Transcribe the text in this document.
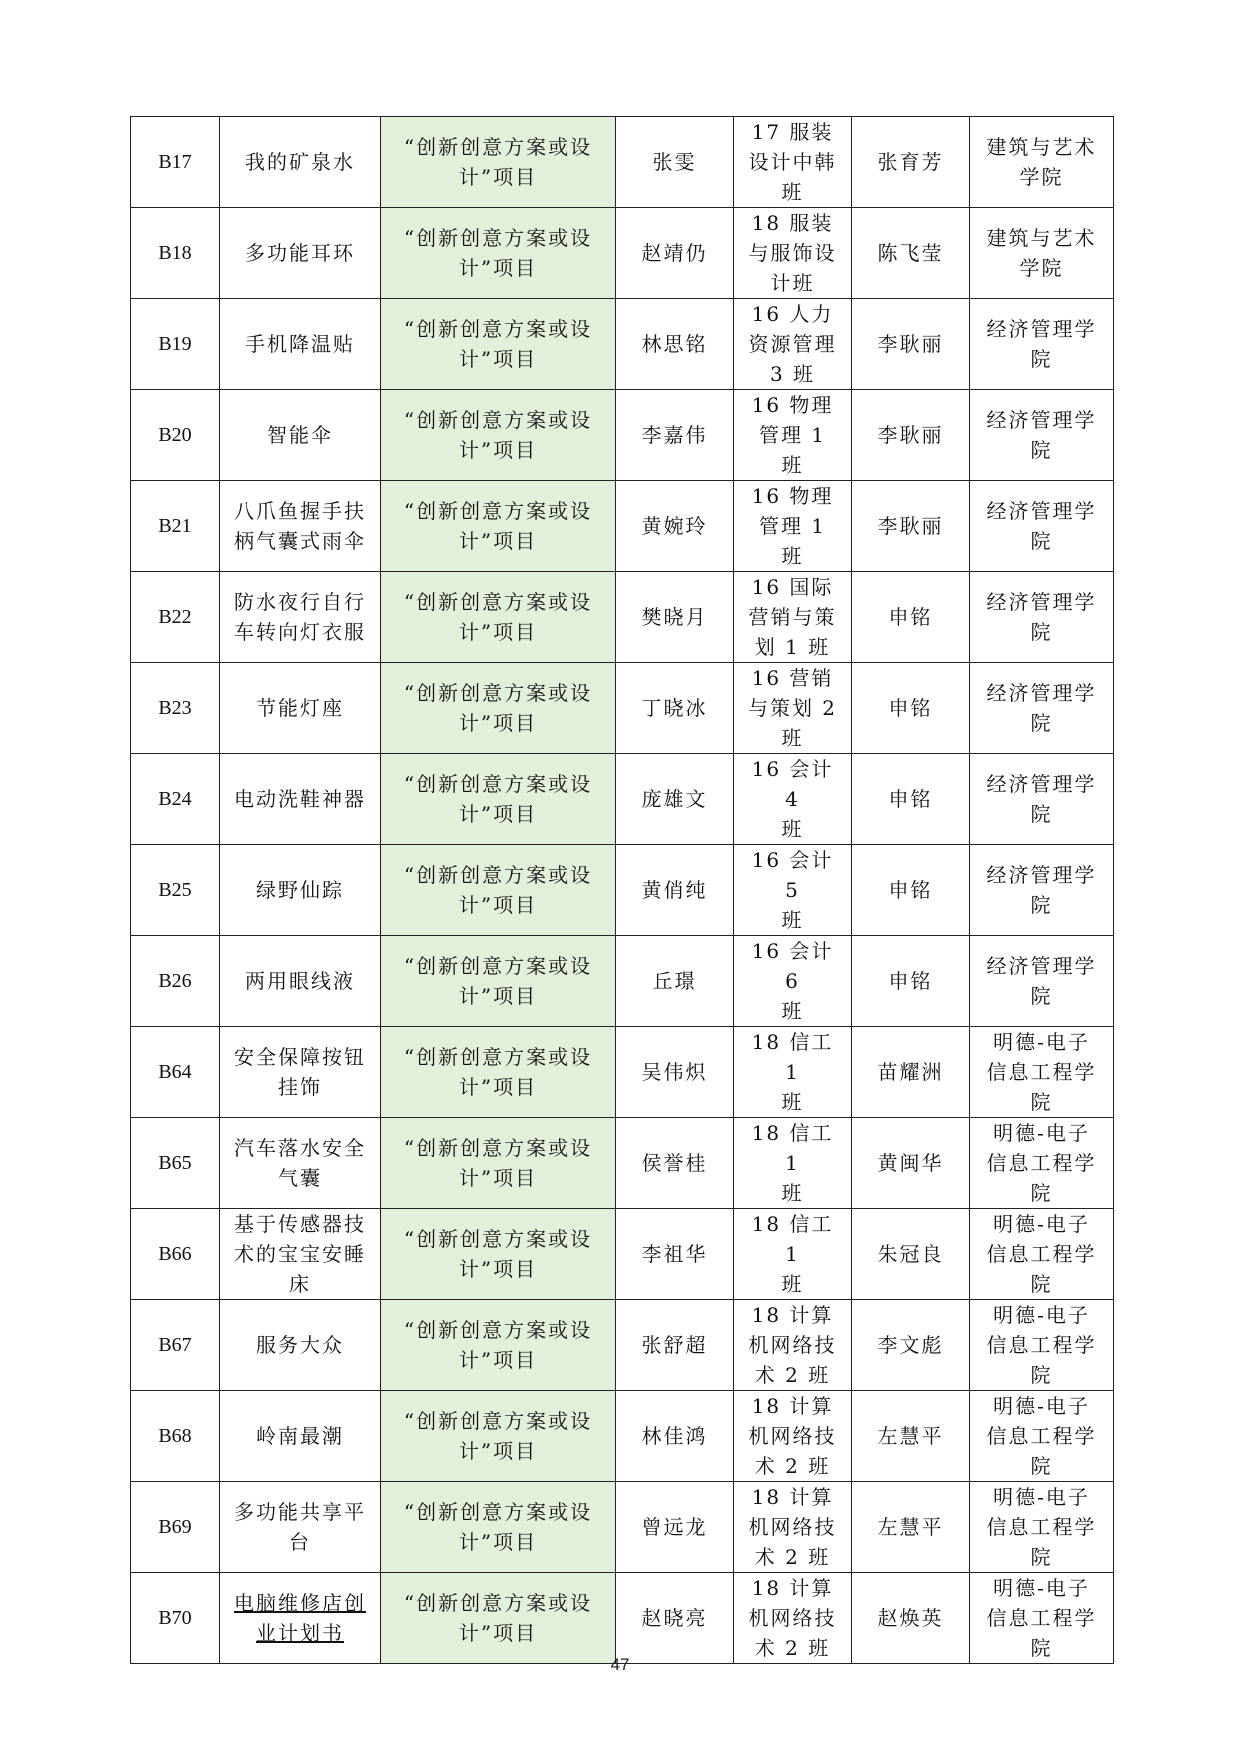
B17	我的矿泉水	“创新创意方案或设
计”项目	张雯	17 服装
设计中韩
班	张育芳	建筑与艺术
学院
B18	多功能耳环	“创新创意方案或设
计”项目	赵靖仍	18 服装
与服饰设
计班	陈飞莹	建筑与艺术
学院
B19	手机降温贴	“创新创意方案或设
计”项目	林思铭	16 人力
资源管理
3 班	李耿丽	经济管理学
院
B20	智能伞	“创新创意方案或设
计”项目	李嘉伟	16 物理
管理 1 班	李耿丽	经济管理学
院
B21	八爪鱼握手扶
柄气囊式雨伞	“创新创意方案或设
计”项目	黄婉玲	16 物理
管理 1 班	李耿丽	经济管理学
院
B22	防水夜行自行
车转向灯衣服	“创新创意方案或设
计”项目	樊晓月	16 国际
营销与策
划 1 班	申铭	经济管理学
院
B23	节能灯座	“创新创意方案或设
计”项目	丁晓冰	16 营销
与策划 2
班	申铭	经济管理学
院
B24	电动洗鞋神器	“创新创意方案或设
计”项目	庞雄文	16 会计 4
班	申铭	经济管理学
院
B25	绿野仙踪	“创新创意方案或设
计”项目	黄俏纯	16 会计 5
班	申铭	经济管理学
院
B26	两用眼线液	“创新创意方案或设
计”项目	丘璟	16 会计 6
班	申铭	经济管理学
院
B64	安全保障按钮
挂饰	“创新创意方案或设
计”项目	吴伟炽	18 信工 1
班	苗耀洲	明德-电子
信息工程学
院
B65	汽车落水安全
气囊	“创新创意方案或设
计”项目	侯誉桂	18 信工 1
班	黄闽华	明德-电子
信息工程学
院
B66	基于传感器技
术的宝宝安睡
床	“创新创意方案或设
计”项目	李祖华	18 信工 1
班	朱冠良	明德-电子
信息工程学
院
B67	服务大众	“创新创意方案或设
计”项目	张舒超	18 计算
机网络技
术 2 班	李文彪	明德-电子
信息工程学
院
B68	岭南最潮	“创新创意方案或设
计”项目	林佳鸿	18 计算
机网络技
术 2 班	左慧平	明德-电子
信息工程学
院
B69	多功能共享平
台	“创新创意方案或设
计”项目	曾远龙	18 计算
机网络技
术 2 班	左慧平	明德-电子
信息工程学
院
B70	电脑维修店创
业计划书	“创新创意方案或设
计”项目	赵晓亮	18 计算
机网络技
术 2 班	赵焕英	明德-电子
信息工程学
院
47
